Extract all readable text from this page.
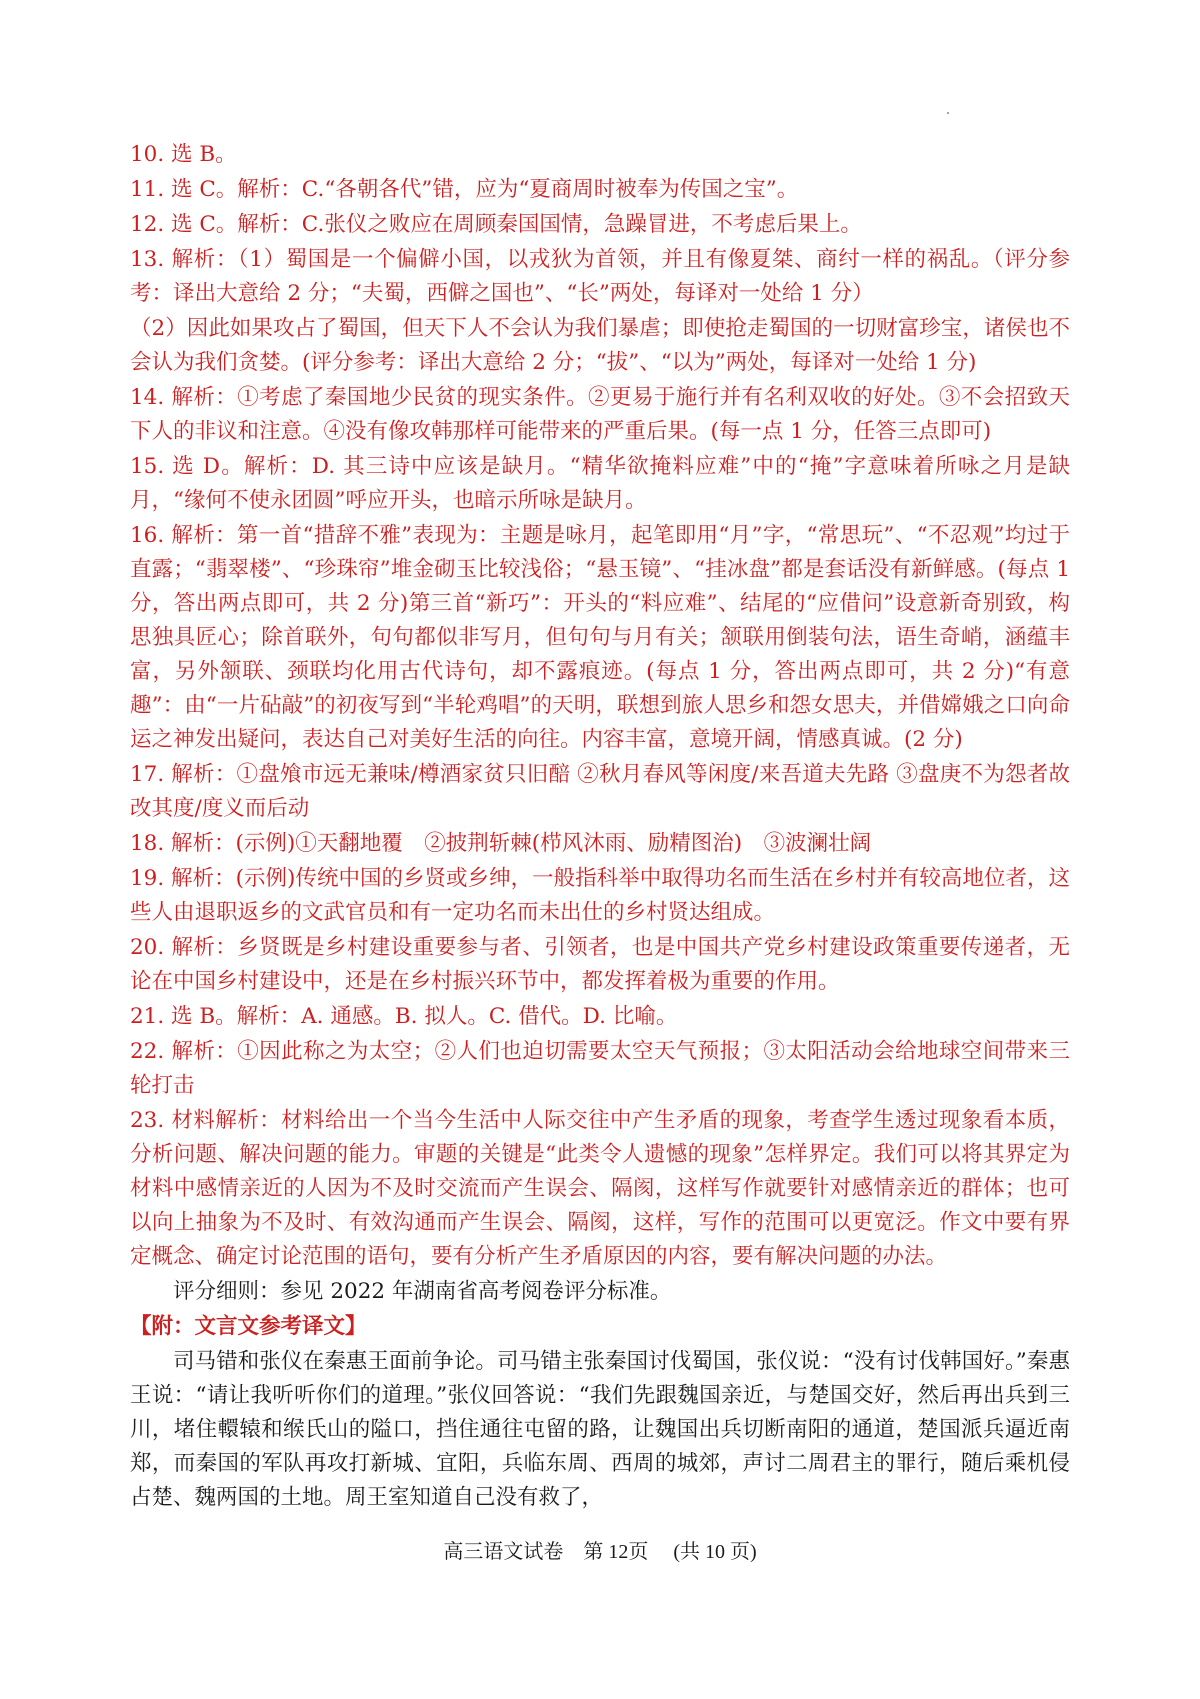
10. 选 B。

11. 选 C。解析：C.“各朝各代”错，应为“夏商周时被奉为传国之宝”。

12. 选 C。解析：C.张仪之败应在周顾秦国国情，急躁冒进，不考虑后果上。

13. 解析：（1）蜀国是一个偏僻小国，以戎狄为首领，并且有像夏桀、商纣一样的祸乱。（评分参考：译出大意给 2 分；“夫蜀，西僻之国也”、“长”两处，每译对一处给 1 分）

（2）因此如果攻占了蜀国，但天下人不会认为我们暴虐；即使抢走蜀国的一切财富珍宝，诸侯也不会认为我们贪婪。(评分参考：译出大意给 2 分；“拔”、“以为”两处，每译对一处给 1 分)

14. 解析：①考虑了秦国地少民贫的现实条件。②更易于施行并有名利双收的好处。③不会招致天下人的非议和注意。④没有像攻韩那样可能带来的严重后果。(每一点 1 分，任答三点即可)

15. 选 D。解析：D. 其三诗中应该是缺月。“精华欲掩料应难”中的“掩”字意味着所咏之月是缺月，“缘何不使永团圆”呼应开头，也暗示所咏是缺月。

16. 解析：第一首“措辞不雅”表现为：主题是咏月，起笔即用“月”字，“常思玩”、“不忍观”均过于直露；“翡翠楼”、“珍珠帘”堆金砌玉比较浅俗；“悬玉镜”、“挂冰盘”都是套话没有新鲜感。(每点 1 分，答出两点即可，共 2 分)第三首“新巧”：开头的“料应难”、结尾的“应借问”设意新奇别致，构思独具匠心；除首联外，句句都似非写月，但句句与月有关；颔联用倒装句法，语生奇峭，涵蕴丰富，另外颔联、颈联均化用古代诗句，却不露痕迹。(每点 1 分，答出两点即可，共 2 分)“有意趣”：由“一片砧敲”的初夜写到“半轮鸡唱”的天明，联想到旅人思乡和怨女思夫，并借嫦娥之口向命运之神发出疑问，表达自己对美好生活的向往。内容丰富，意境开阔，情感真诚。(2 分)

17. 解析：①盘飧市远无兼味/樽酒家贫只旧醅 ②秋月春风等闲度/来吾道夫先路 ③盘庚不为怨者故改其度/度义而后动

18. 解析：(示例)①天翻地覆　②披荆斩棘(栉风沐雨、励精图治)　③波澜壮阔

19. 解析：(示例)传统中国的乡贤或乡绅，一般指科举中取得功名而生活在乡村并有较高地位者，这些人由退职返乡的文武官员和有一定功名而未出仕的乡村贤达组成。

20. 解析：乡贤既是乡村建设重要参与者、引领者，也是中国共产党乡村建设政策重要传递者，无论在中国乡村建设中，还是在乡村振兴环节中，都发挥着极为重要的作用。

21. 选 B。解析：A. 通感。B. 拟人。C. 借代。D. 比喻。

22. 解析：①因此称之为太空；②人们也迫切需要太空天气预报；③太阳活动会给地球空间带来三轮打击

23. 材料解析：材料给出一个当今生活中人际交往中产生矛盾的现象，考查学生透过现象看本质，分析问题、解决问题的能力。审题的关键是“此类令人遗憾的现象”怎样界定。我们可以将其界定为材料中感情亲近的人因为不及时交流而产生误会、隔阂，这样写作就要针对感情亲近的群体；也可以向上抽象为不及时、有效沟通而产生误会、隔阂，这样，写作的范围可以更宽泛。作文中要有界定概念、确定讨论范围的语句，要有分析产生矛盾原因的内容，要有解决问题的办法。

评分细则：参见 2022 年湖南省高考阅卷评分标准。

【附：文言文参考译文】

司马错和张仪在秦惠王面前争论。司马错主张秦国讨伐蜀国，张仪说：“没有讨伐韩国好。”秦惠王说：“请让我听听你们的道理。”张仪回答说：“我们先跟魏国亲近，与楚国交好，然后再出兵到三川，堵住轘辕和缑氏山的隘口，挡住通往屯留的路，让魏国出兵切断南阳的通道，楚国派兵逼近南郑，而秦国的军队再攻打新城、宜阳，兵临东周、西周的城郊，声讨二周君主的罪行，随后乘机侵占楚、魏两国的土地。周王室知道自己没有救了，

高三语文试卷　第 12页　 (共 10 页)
